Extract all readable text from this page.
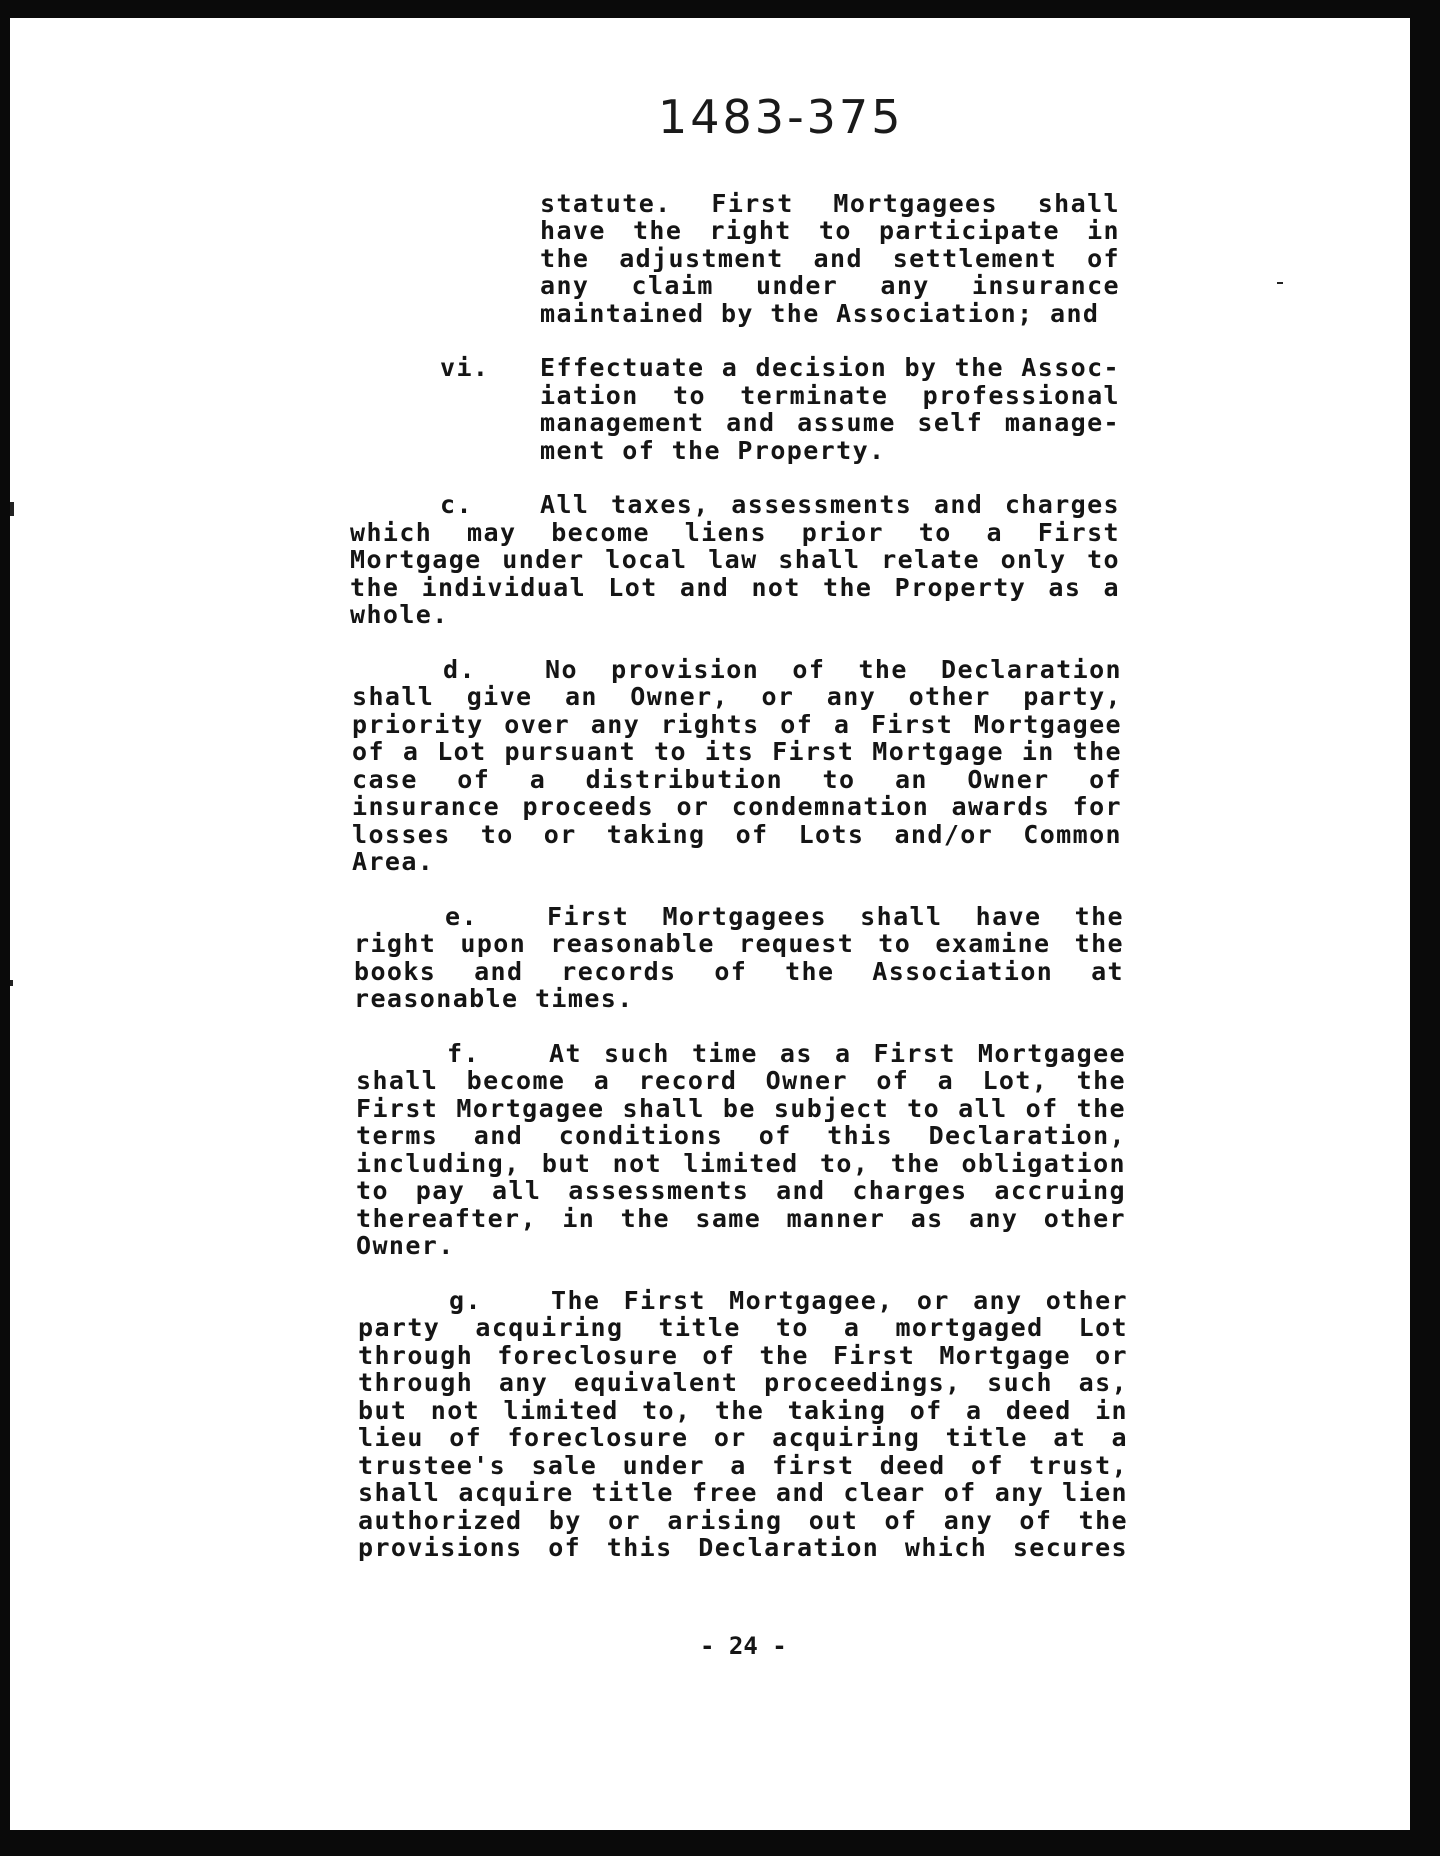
1483-375
statute. First Mortgagees shall
have the right to participate in
the adjustment and settlement of
any claim under any insurance
maintained by the Association; and
vi. Effectuate a decision by the Assoc-
iation to terminate professional
management and assume self manage-
ment of the Property.
c.	All taxes, assessments and charges
which may become liens prior to a First
Mortgage under local law shall relate only to
the individual Lot and not the Property as a
whole.
d.	No provision of the Declaration
shall give an Owner, or any other party,
priority over any rights of a First Mortgagee
of a Lot pursuant to its First Mortgage in the
case of a distribution to an Owner of
insurance proceeds or condemnation awards for
losses to or taking of Lots and/or Common
Area.
e.	First Mortgagees shall have the
right upon reasonable request to examine the
books and records of the Association at
reasonable times.
f.	At such time as a First Mortgagee
shall become a record Owner of a Lot, the
First Mortgagee shall be subject to all of the
terms and conditions of this Declaration,
including, but not limited to, the obligation
to pay all assessments and charges accruing
thereafter, in the same manner as any other
Owner.
g.	The First Mortgagee, or any other
party acquiring title to a mortgaged Lot
through foreclosure of the First Mortgage or
through any equivalent proceedings, such as,
but not limited to, the taking of a deed in
lieu of foreclosure or acquiring title at a
trustee's sale under a first deed of trust,
shall acquire title free and clear of any lien
authorized by or arising out of any of the
provisions of this Declaration which secures
- 24 -
